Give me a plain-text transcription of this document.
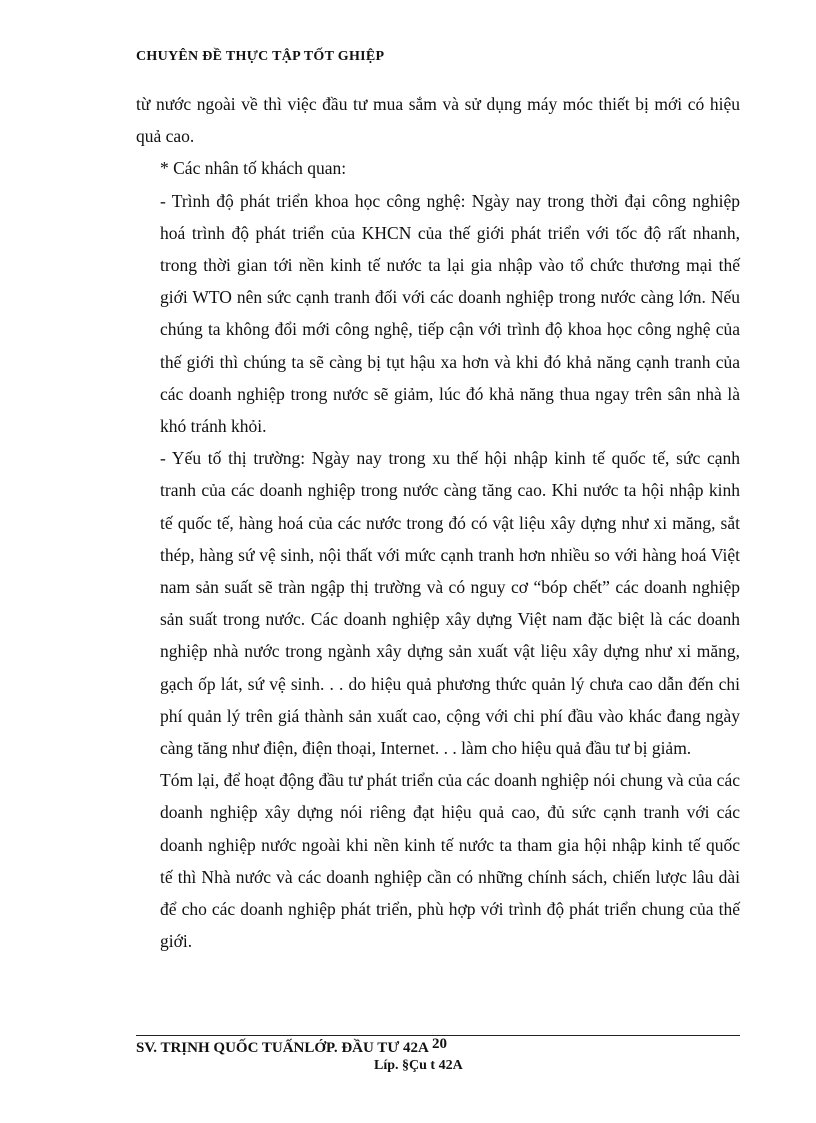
CHUYÊN ĐỀ THỰC TẬP TỐT GHIỆP

từ nước ngoài về thì việc đầu tư mua sắm và sử dụng máy móc thiết bị mới có hiệu quả cao.

* Các nhân tố khách quan:

- Trình độ phát triển khoa học công nghệ: Ngày nay trong thời đại công nghiệp hoá trình độ phát triển của KHCN của thế giới phát triển với tốc độ rất nhanh, trong thời gian tới nền kinh tế nước ta lại gia nhập vào tổ chức thương mại thế giới WTO nên sức cạnh tranh đối với các doanh nghiệp trong nước càng lớn. Nếu chúng ta không đổi mới công nghệ, tiếp cận với trình độ khoa học công nghệ của thế giới thì chúng ta sẽ càng bị tụt hậu xa hơn và khi đó khả năng cạnh tranh của các doanh nghiệp trong nước sẽ giảm, lúc đó khả năng thua ngay trên sân nhà là khó tránh khỏi.

- Yếu tố thị trường: Ngày nay trong xu thế hội nhập kinh tế quốc tế, sức cạnh tranh của các doanh nghiệp trong nước càng tăng cao. Khi nước ta hội nhập kinh tế quốc tế, hàng hoá của các nước trong đó có vật liệu xây dựng như xi măng, sắt thép, hàng sứ vệ sinh, nội thất với mức cạnh tranh hơn nhiều so với hàng hoá Việt nam sản suất sẽ tràn ngập thị trường và có nguy cơ “bóp chết” các doanh nghiệp sản suất trong nước. Các doanh nghiệp xây dựng Việt nam đặc biệt là các doanh nghiệp nhà nước trong ngành xây dựng sản xuất vật liệu xây dựng như xi măng, gạch ốp lát, sứ vệ sinh. . . do hiệu quả phương thức quản lý chưa cao dẫn đến chi phí quản lý trên giá thành sản xuất cao, cộng với chi phí đầu vào khác đang ngày càng tăng như điện, điện thoại, Internet. . . làm cho hiệu quả đầu tư bị giảm.

Tóm lại, để hoạt động đầu tư phát triển của các doanh nghiệp nói chung và của các doanh nghiệp xây dựng nói riêng đạt hiệu quả cao, đủ sức cạnh tranh với các doanh nghiệp nước ngoài khi nền kinh tế nước ta tham gia hội nhập kinh tế quốc tế thì Nhà nước và các doanh nghiệp cần có những chính sách, chiến lược lâu dài để cho các doanh nghiệp phát triển, phù hợp với trình độ phát triển chung của thế giới.

SV. TRỊNH QUỐC TUẤNLỚP. ĐẦU TƯ 42A 20
Líp. §Çu t 42A
